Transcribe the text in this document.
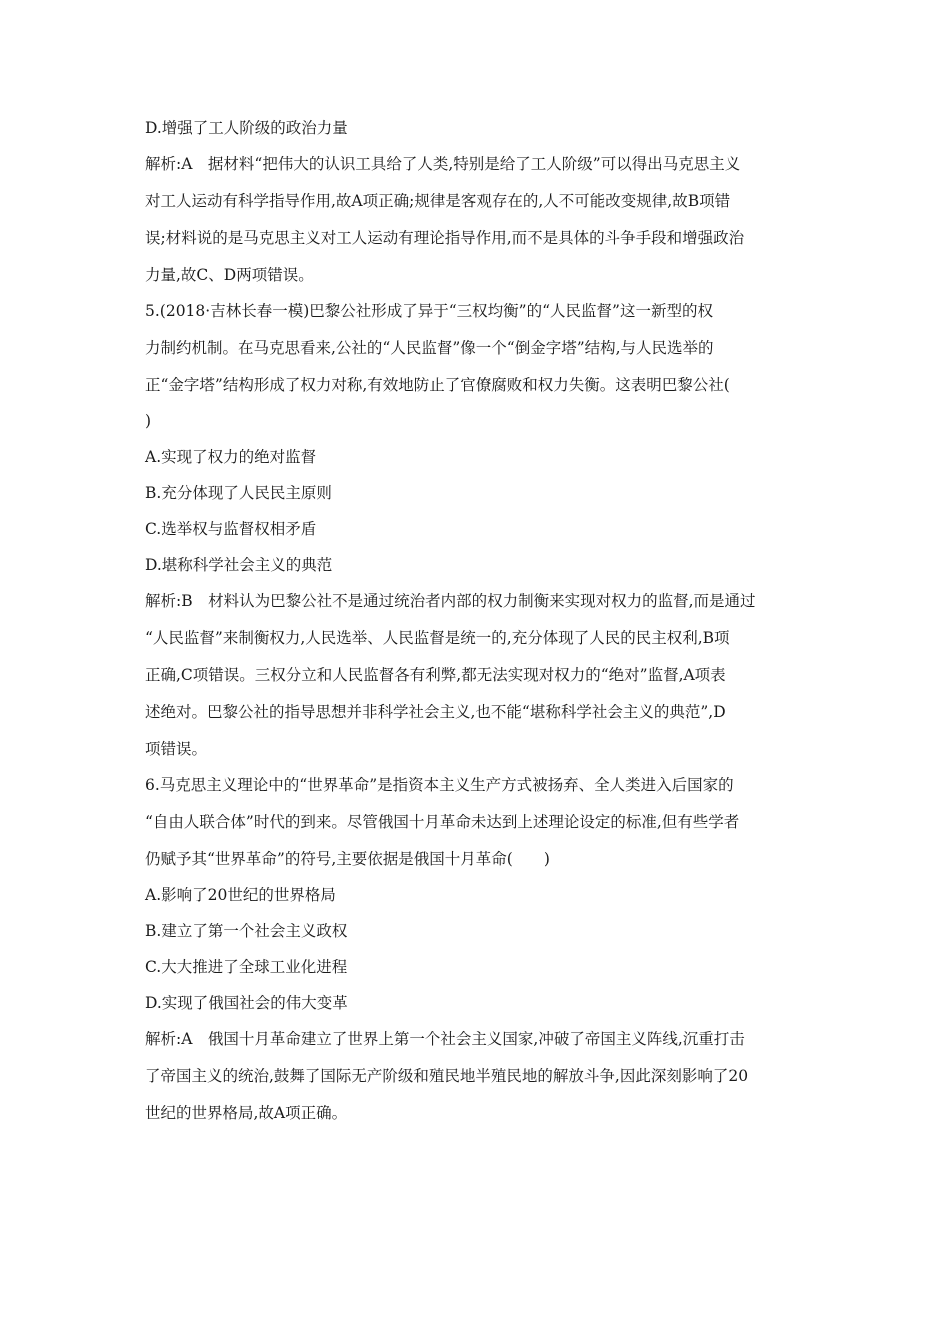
D.增强了工人阶级的政治力量
解析:A　据材料“把伟大的认识工具给了人类,特别是给了工人阶级”可以得出马克思主义
对工人运动有科学指导作用,故A项正确;规律是客观存在的,人不可能改变规律,故B项错
误;材料说的是马克思主义对工人运动有理论指导作用,而不是具体的斗争手段和增强政治
力量,故C、D两项错误。
5.(2018·吉林长春一模)巴黎公社形成了异于“三权均衡”的“人民监督”这一新型的权
力制约机制。在马克思看来,公社的“人民监督”像一个“倒金字塔”结构,与人民选举的
正“金字塔”结构形成了权力对称,有效地防止了官僚腐败和权力失衡。这表明巴黎公社(
)
A.实现了权力的绝对监督
B.充分体现了人民民主原则
C.选举权与监督权相矛盾
D.堪称科学社会主义的典范
解析:B　材料认为巴黎公社不是通过统治者内部的权力制衡来实现对权力的监督,而是通过
“人民监督”来制衡权力,人民选举、人民监督是统一的,充分体现了人民的民主权利,B项
正确,C项错误。三权分立和人民监督各有利弊,都无法实现对权力的“绝对”监督,A项表
述绝对。巴黎公社的指导思想并非科学社会主义,也不能“堪称科学社会主义的典范”,D
项错误。
6.马克思主义理论中的“世界革命”是指资本主义生产方式被扬弃、全人类进入后国家的
“自由人联合体”时代的到来。尽管俄国十月革命未达到上述理论设定的标准,但有些学者
仍赋予其“世界革命”的符号,主要依据是俄国十月革命(　　)
A.影响了20世纪的世界格局
B.建立了第一个社会主义政权
C.大大推进了全球工业化进程
D.实现了俄国社会的伟大变革
解析:A　俄国十月革命建立了世界上第一个社会主义国家,冲破了帝国主义阵线,沉重打击
了帝国主义的统治,鼓舞了国际无产阶级和殖民地半殖民地的解放斗争,因此深刻影响了20
世纪的世界格局,故A项正确。
